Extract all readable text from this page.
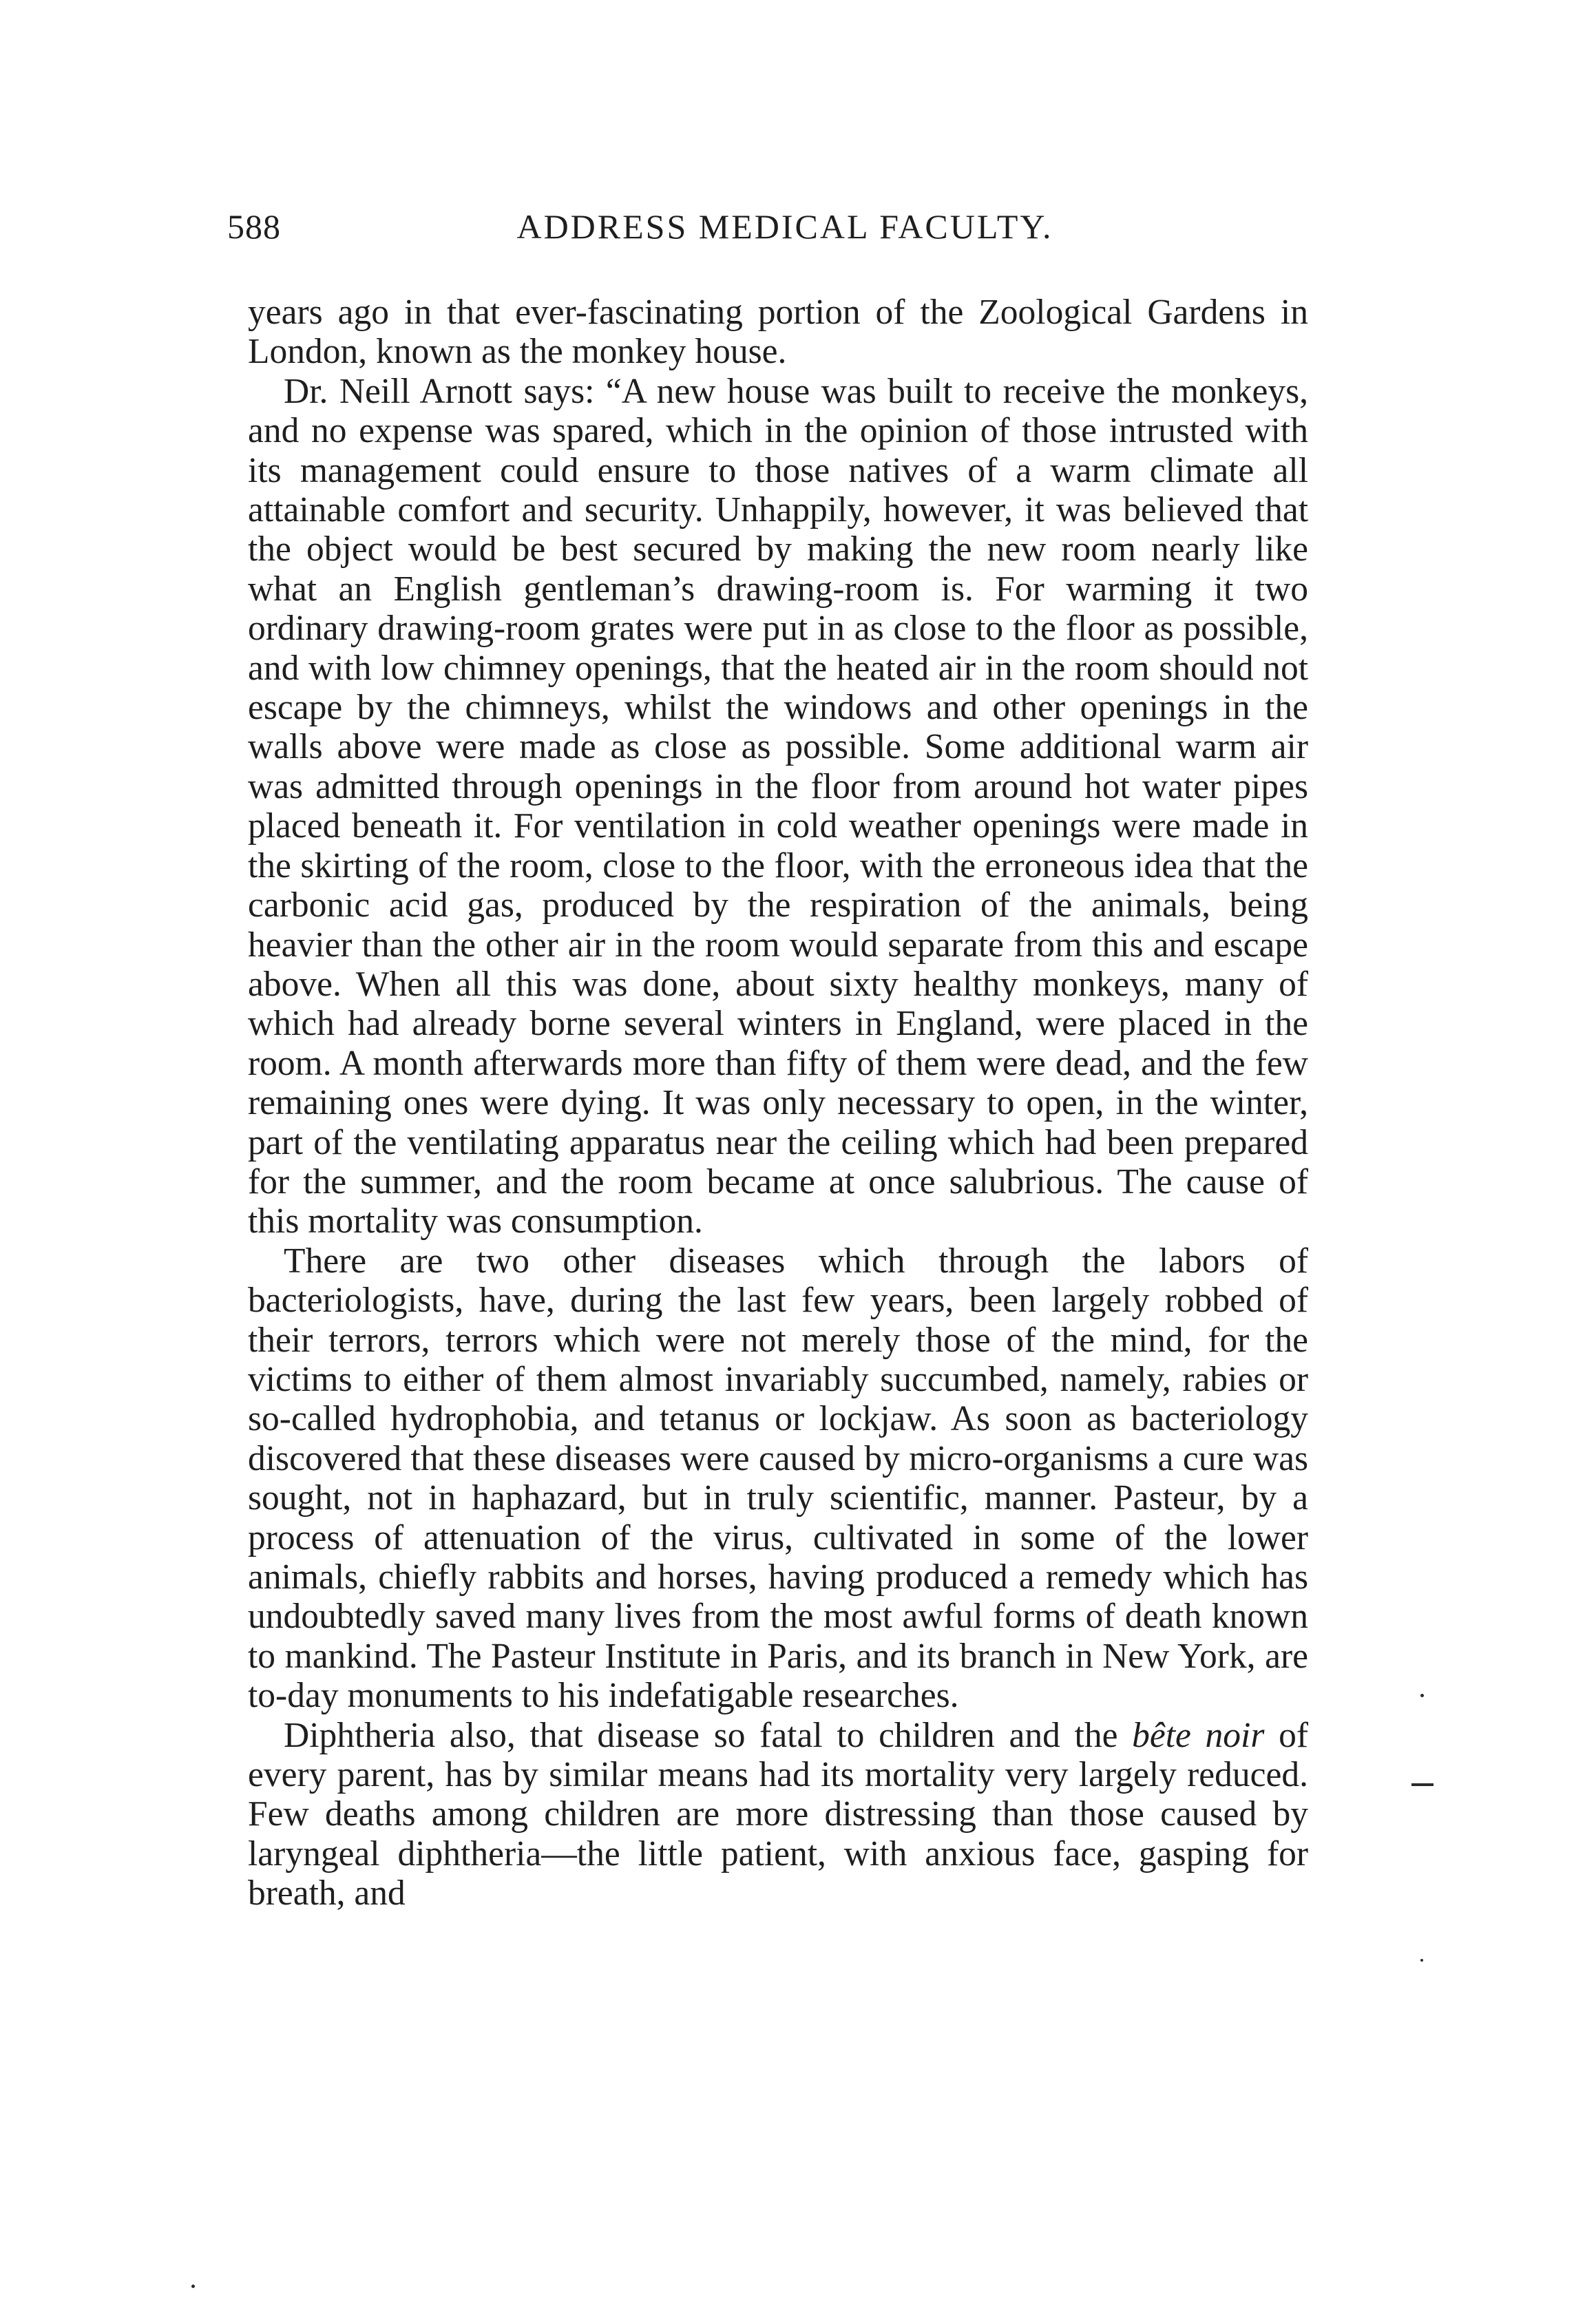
588	ADDRESS MEDICAL FACULTY.

years ago in that ever-fascinating portion of the Zoological Gardens in London, known as the monkey house.

Dr. Neill Arnott says: “A new house was built to receive the monkeys, and no expense was spared, which in the opinion of those intrusted with its management could ensure to those natives of a warm climate all attainable comfort and security. Unhappily, however, it was believed that the object would be best secured by making the new room nearly like what an English gentleman’s drawing-room is. For warming it two ordinary drawing-room grates were put in as close to the floor as possible, and with low chimney openings, that the heated air in the room should not escape by the chimneys, whilst the windows and other openings in the walls above were made as close as possible. Some additional warm air was admitted through openings in the floor from around hot water pipes placed beneath it. For ventilation in cold weather openings were made in the skirting of the room, close to the floor, with the erroneous idea that the carbonic acid gas, produced by the respiration of the animals, being heavier than the other air in the room would separate from this and escape above. When all this was done, about sixty healthy monkeys, many of which had already borne several winters in England, were placed in the room. A month afterwards more than fifty of them were dead, and the few remaining ones were dying. It was only necessary to open, in the winter, part of the ventilating apparatus near the ceiling which had been prepared for the summer, and the room became at once salubrious. The cause of this mortality was consumption.

There are two other diseases which through the labors of bacteriologists, have, during the last few years, been largely robbed of their terrors, terrors which were not merely those of the mind, for the victims to either of them almost invariably succumbed, namely, rabies or so-called hydrophobia, and tetanus or lockjaw. As soon as bacteriology discovered that these diseases were caused by micro-organisms a cure was sought, not in haphazard, but in truly scientific, manner. Pasteur, by a process of attenuation of the virus, cultivated in some of the lower animals, chiefly rabbits and horses, having produced a remedy which has undoubtedly saved many lives from the most awful forms of death known to mankind. The Pasteur Institute in Paris, and its branch in New York, are to-day monuments to his indefatigable researches.

Diphtheria also, that disease so fatal to children and the bête noir of every parent, has by similar means had its mortality very largely reduced. Few deaths among children are more distressing than those caused by laryngeal diphtheria—the little patient, with anxious face, gasping for breath, and
